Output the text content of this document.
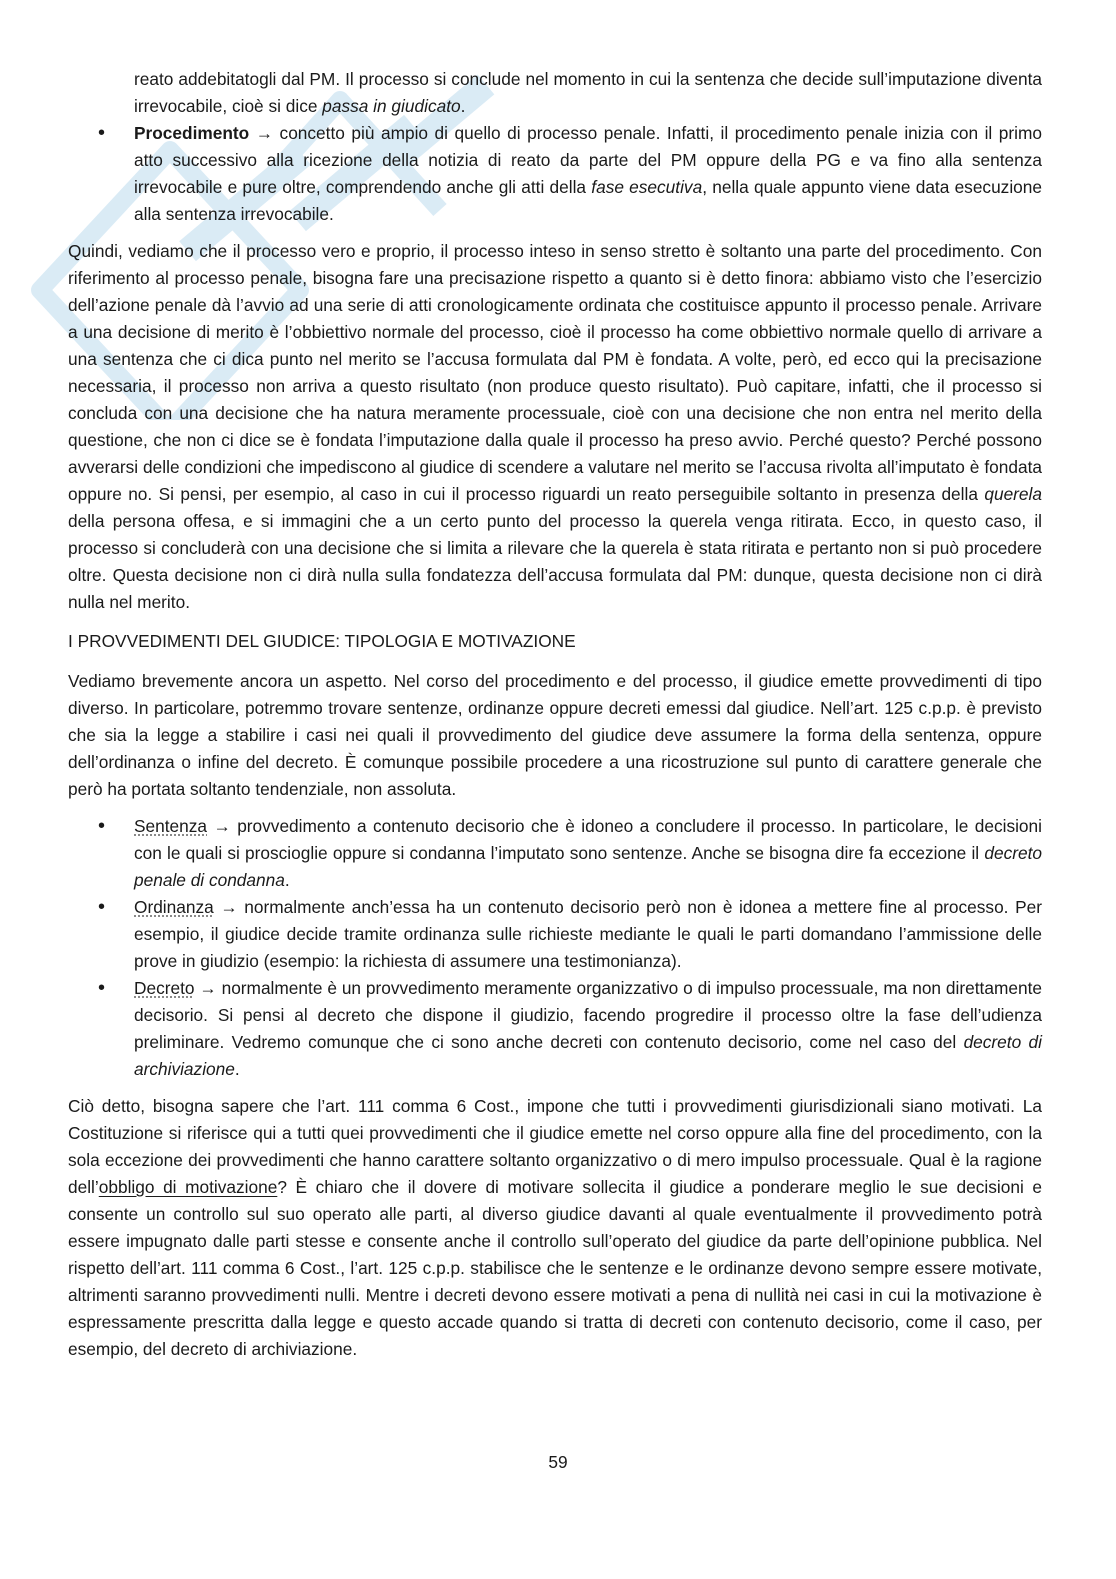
reato addebitatogli dal PM. Il processo si conclude nel momento in cui la sentenza che decide sull’imputazione diventa irrevocabile, cioè si dice passa in giudicato.
• Procedimento → concetto più ampio di quello di processo penale. Infatti, il procedimento penale inizia con il primo atto successivo alla ricezione della notizia di reato da parte del PM oppure della PG e va fino alla sentenza irrevocabile e pure oltre, comprendendo anche gli atti della fase esecutiva, nella quale appunto viene data esecuzione alla sentenza irrevocabile.

Quindi, vediamo che il processo vero e proprio, il processo inteso in senso stretto è soltanto una parte del procedimento. Con riferimento al processo penale, bisogna fare una precisazione rispetto a quanto si è detto finora: abbiamo visto che l’esercizio dell’azione penale dà l’avvio ad una serie di atti cronologicamente ordinata che costituisce appunto il processo penale. Arrivare a una decisione di merito è l’obbiettivo normale del processo, cioè il processo ha come obbiettivo normale quello di arrivare a una sentenza che ci dica punto nel merito se l’accusa formulata dal PM è fondata. A volte, però, ed ecco qui la precisazione necessaria, il processo non arriva a questo risultato (non produce questo risultato). Può capitare, infatti, che il processo si concluda con una decisione che ha natura meramente processuale, cioè con una decisione che non entra nel merito della questione, che non ci dice se è fondata l’imputazione dalla quale il processo ha preso avvio. Perché questo? Perché possono avverarsi delle condizioni che impediscono al giudice di scendere a valutare nel merito se l’accusa rivolta all’imputato è fondata oppure no. Si pensi, per esempio, al caso in cui il processo riguardi un reato perseguibile soltanto in presenza della querela della persona offesa, e si immagini che a un certo punto del processo la querela venga ritirata. Ecco, in questo caso, il processo si concluderà con una decisione che si limita a rilevare che la querela è stata ritirata e pertanto non si può procedere oltre. Questa decisione non ci dirà nulla sulla fondatezza dell’accusa formulata dal PM: dunque, questa decisione non ci dirà nulla nel merito.

I PROVVEDIMENTI DEL GIUDICE: TIPOLOGIA E MOTIVAZIONE

Vediamo brevemente ancora un aspetto. Nel corso del procedimento e del processo, il giudice emette provvedimenti di tipo diverso. In particolare, potremmo trovare sentenze, ordinanze oppure decreti emessi dal giudice. Nell’art. 125 c.p.p. è previsto che sia la legge a stabilire i casi nei quali il provvedimento del giudice deve assumere la forma della sentenza, oppure dell’ordinanza o infine del decreto. È comunque possibile procedere a una ricostruzione sul punto di carattere generale che però ha portata soltanto tendenziale, non assoluta.

• Sentenza → provvedimento a contenuto decisorio che è idoneo a concludere il processo. In particolare, le decisioni con le quali si proscioglie oppure si condanna l’imputato sono sentenze. Anche se bisogna dire fa eccezione il decreto penale di condanna.
• Ordinanza → normalmente anch’essa ha un contenuto decisorio però non è idonea a mettere fine al processo. Per esempio, il giudice decide tramite ordinanza sulle richieste mediante le quali le parti domandano l’ammissione delle prove in giudizio (esempio: la richiesta di assumere una testimonianza).
• Decreto → normalmente è un provvedimento meramente organizzativo o di impulso processuale, ma non direttamente decisorio. Si pensi al decreto che dispone il giudizio, facendo progredire il processo oltre la fase dell’udienza preliminare. Vedremo comunque che ci sono anche decreti con contenuto decisorio, come nel caso del decreto di archiviazione.

Ciò detto, bisogna sapere che l’art. 111 comma 6 Cost., impone che tutti i provvedimenti giurisdizionali siano motivati. La Costituzione si riferisce qui a tutti quei provvedimenti che il giudice emette nel corso oppure alla fine del procedimento, con la sola eccezione dei provvedimenti che hanno carattere soltanto organizzativo o di mero impulso processuale. Qual è la ragione dell’obbligo di motivazione? È chiaro che il dovere di motivare sollecita il giudice a ponderare meglio le sue decisioni e consente un controllo sul suo operato alle parti, al diverso giudice davanti al quale eventualmente il provvedimento potrà essere impugnato dalle parti stesse e consente anche il controllo sull’operato del giudice da parte dell’opinione pubblica. Nel rispetto dell’art. 111 comma 6 Cost., l’art. 125 c.p.p. stabilisce che le sentenze e le ordinanze devono sempre essere motivate, altrimenti saranno provvedimenti nulli. Mentre i decreti devono essere motivati a pena di nullità nei casi in cui la motivazione è espressamente prescritta dalla legge e questo accade quando si tratta di decreti con contenuto decisorio, come il caso, per esempio, del decreto di archiviazione.

59
